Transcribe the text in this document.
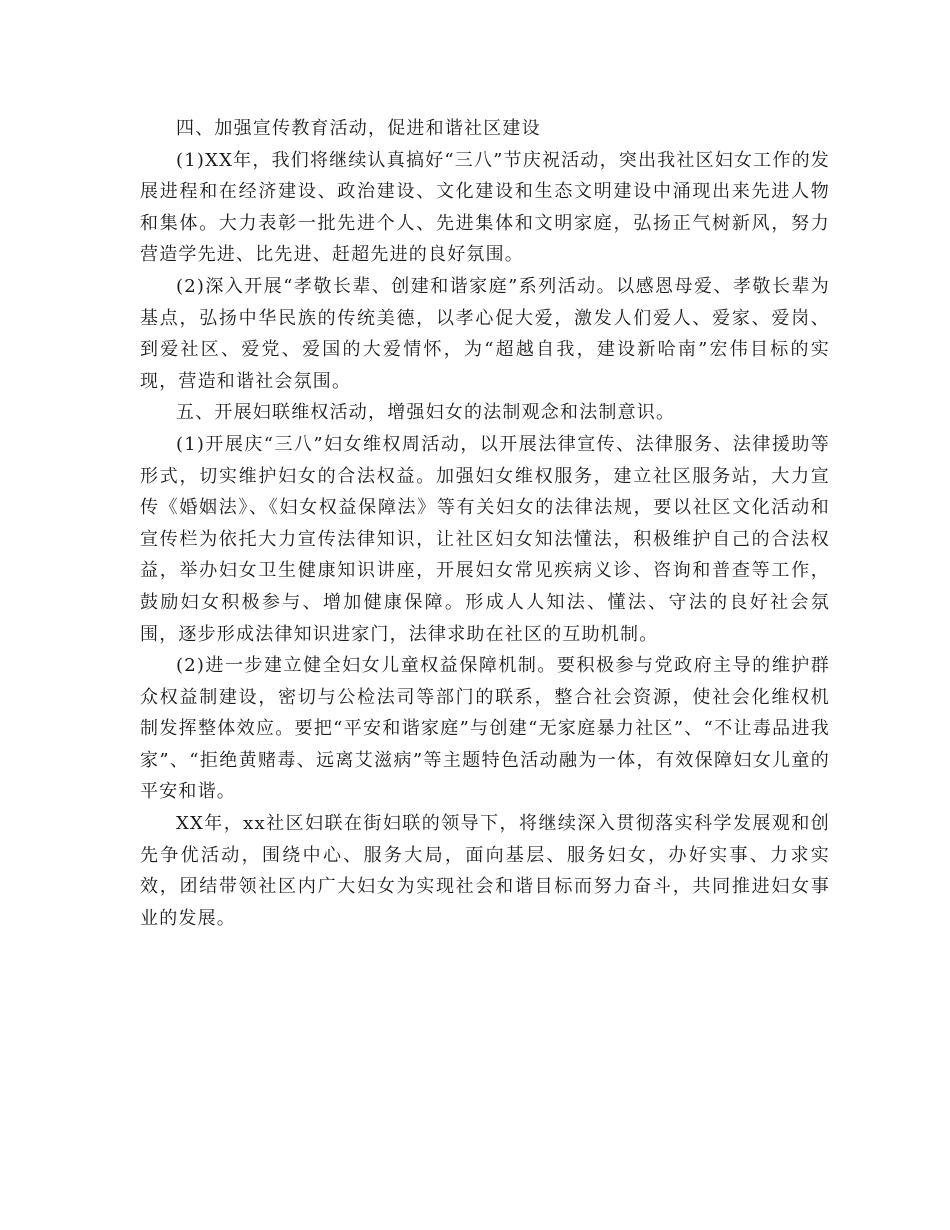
四、加强宣传教育活动，促进和谐社区建设

(1)XX年，我们将继续认真搞好“三八”节庆祝活动，突出我社区妇女工作的发展进程和在经济建设、政治建设、文化建设和生态文明建设中涌现出来先进人物和集体。大力表彰一批先进个人、先进集体和文明家庭，弘扬正气树新风，努力营造学先进、比先进、赶超先进的良好氛围。

(2)深入开展“孝敬长辈、创建和谐家庭”系列活动。以感恩母爱、孝敬长辈为基点，弘扬中华民族的传统美德，以孝心促大爱，激发人们爱人、爱家、爱岗、到爱社区、爱党、爱国的大爱情怀，为“超越自我，建设新哈南”宏伟目标的实现，营造和谐社会氛围。

五、开展妇联维权活动，增强妇女的法制观念和法制意识。

(1)开展庆“三八”妇女维权周活动，以开展法律宣传、法律服务、法律援助等形式，切实维护妇女的合法权益。加强妇女维权服务，建立社区服务站，大力宣传《婚姻法》、《妇女权益保障法》等有关妇女的法律法规，要以社区文化活动和宣传栏为依托大力宣传法律知识，让社区妇女知法懂法，积极维护自己的合法权益，举办妇女卫生健康知识讲座，开展妇女常见疾病义诊、咨询和普查等工作，鼓励妇女积极参与、增加健康保障。形成人人知法、懂法、守法的良好社会氛围，逐步形成法律知识进家门，法律求助在社区的互助机制。

(2)进一步建立健全妇女儿童权益保障机制。要积极参与党政府主导的维护群众权益制建设，密切与公检法司等部门的联系，整合社会资源，使社会化维权机制发挥整体效应。要把“平安和谐家庭”与创建“无家庭暴力社区”、“不让毒品进我家”、“拒绝黄赌毒、远离艾滋病”等主题特色活动融为一体，有效保障妇女儿童的平安和谐。

XX年，xx社区妇联在街妇联的领导下，将继续深入贯彻落实科学发展观和创先争优活动，围绕中心、服务大局，面向基层、服务妇女，办好实事、力求实效，团结带领社区内广大妇女为实现社会和谐目标而努力奋斗，共同推进妇女事业的发展。
